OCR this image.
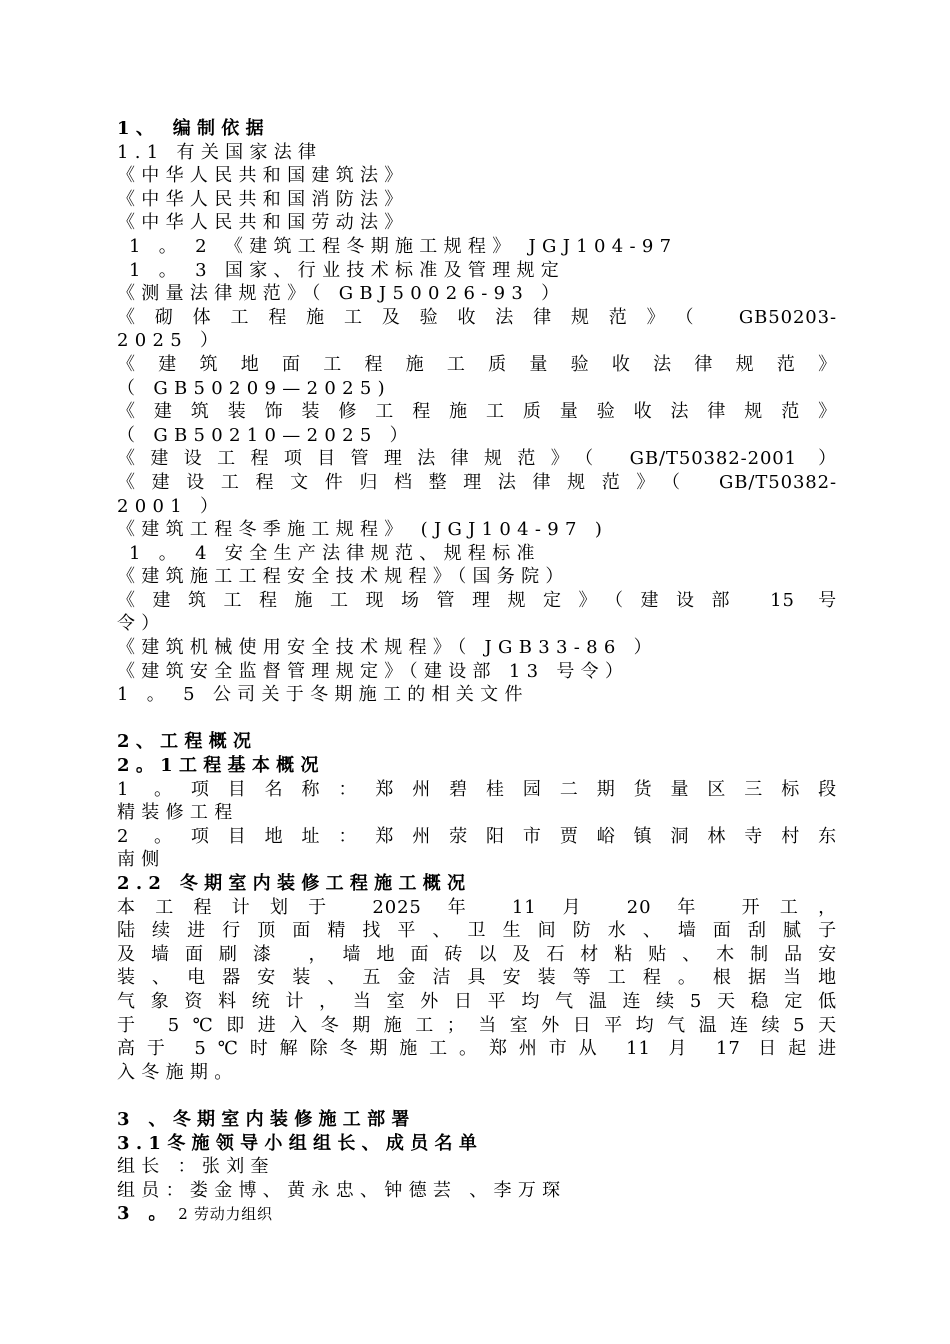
1、 编制依据
1.1 有关国家法律
《中华人民共和国建筑法》
《中华人民共和国消防法》
《中华人民共和国劳动法》
1 。 2 《建筑工程冬期施工规程》 JGJ104-97
1 。 3 国家、行业技术标准及管理规定
《测量法律规范》（ GBJ50026-93 ）
《砌体工程施工及验收法律规范》（ GB50203-
2025 ）
《建筑地面工程施工质量验收法律规范》
（ GB50209—2025)
《建筑装饰装修工程施工质量验收法律规范》
（ GB50210—2025 ）
《建设工程项目管理法律规范》（ GB/T50382-2001 ）
《建设工程文件归档整理法律规范》（ GB/T50382-
2001 ）
《建筑工程冬季施工规程》 (JGJ104-97 )
1 。 4 安全生产法律规范、规程标准
《建筑施工工程安全技术规程》（国务院）
《建筑工程施工现场管理规定》（建设部 15 号
令）
《建筑机械使用安全技术规程》（ JGB33-86 ）
《建筑安全监督管理规定》（建设部 13 号令）
1 。 5 公司关于冬期施工的相关文件
2、工程概况
2。1工程基本概况
1 。项目名称：郑州碧桂园二期货量区三标段
精装修工程
2 。项目地址：郑州荥阳市贾峪镇洞林寺村东
南侧
2.2 冬期室内装修工程施工概况
本工程计划于 2025 年 11 月 20 年 开工，
陆续进行顶面精找平、卫生间防水、墙面刮腻子
及墙面刷漆 ，墙地面砖以及石材粘贴、木制品安
装、电器安装、五金洁具安装等工程。根据当地
气象资料统计，当室外日平均气温连续5天稳定低
于 5℃即进入冬期施工；当室外日平均气温连续5天
高于 5℃时解除冬期施工。郑州市从 11 月 17 日起进
入冬施期。
3 、冬期室内装修施工部署
3.1冬施领导小组组长、成员名单
组长 ：张刘奎
组员：娄金博、黄永忠、钟德芸 、李万琛
3 。 2 劳动力组织
